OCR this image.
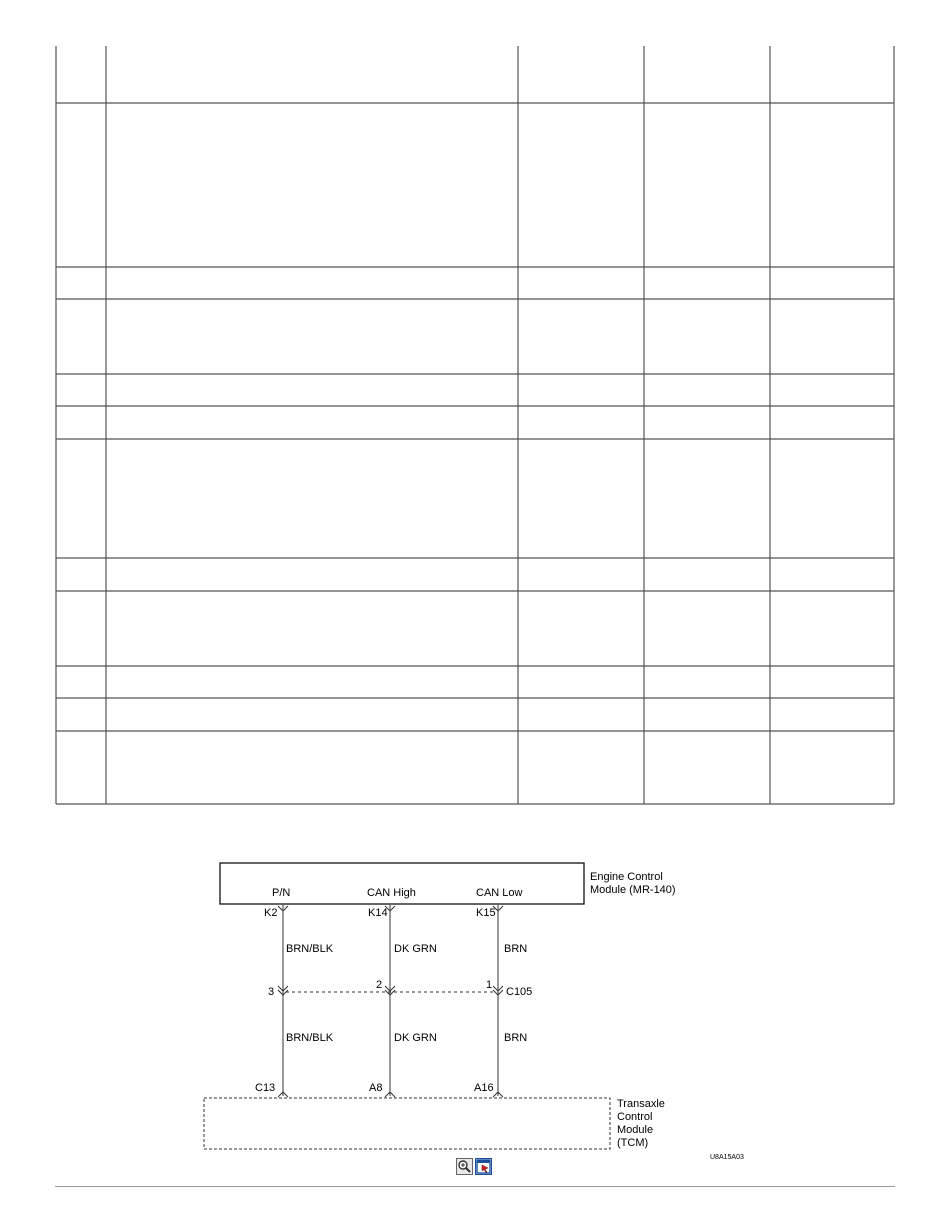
Engine Control
Module (MR-140)
P/N	CAN High	CAN Low
K2	K14	K15
BRN/BLK	DK GRN	BRN
3
2	1
C105
BRN/BLK	DK GRN	BRN
C13	A8	A16
Transaxle
Control
Module
(TCM)
U8A15A03
